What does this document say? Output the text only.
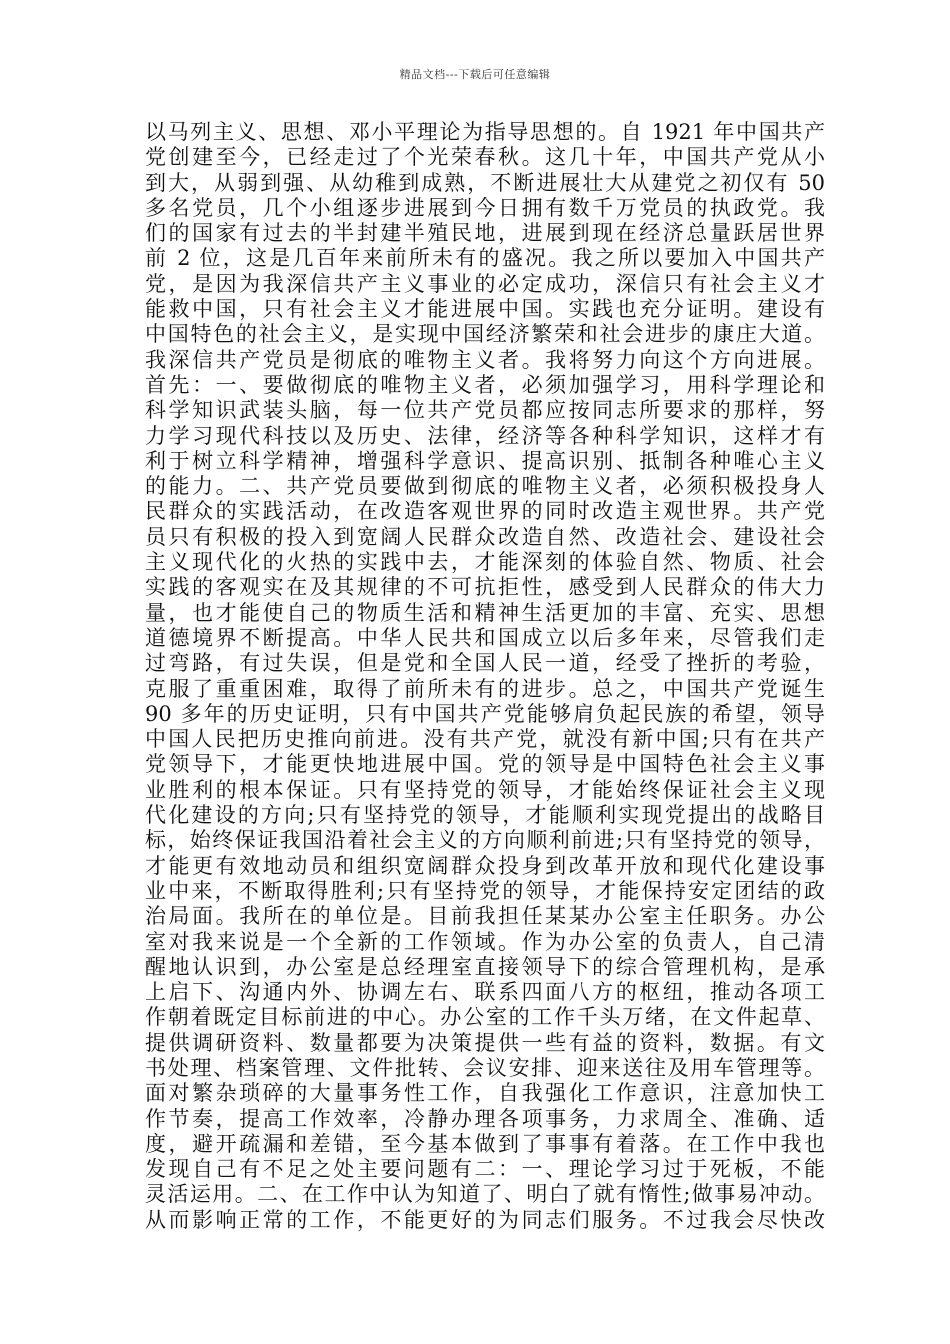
精品文档---下载后可任意编辑
以马列主义、思想、邓小平理论为指导思想的。自 1921 年中国共产
党创建至今，已经走过了个光荣春秋。这几十年，中国共产党从小
到大，从弱到强、从幼稚到成熟，不断进展壮大从建党之初仅有 50
多名党员，几个小组逐步进展到今日拥有数千万党员的执政党。我
们的国家有过去的半封建半殖民地，进展到现在经济总量跃居世界
前 2 位，这是几百年来前所未有的盛况。我之所以要加入中国共产
党，是因为我深信共产主义事业的必定成功，深信只有社会主义才
能救中国，只有社会主义才能进展中国。实践也充分证明。建设有
中国特色的社会主义，是实现中国经济繁荣和社会进步的康庄大道。
我深信共产党员是彻底的唯物主义者。我将努力向这个方向进展。
首先：一、要做彻底的唯物主义者，必须加强学习，用科学理论和
科学知识武装头脑，每一位共产党员都应按同志所要求的那样，努
力学习现代科技以及历史、法律，经济等各种科学知识，这样才有
利于树立科学精神，增强科学意识、提高识别、抵制各种唯心主义
的能力。二、共产党员要做到彻底的唯物主义者，必须积极投身人
民群众的实践活动，在改造客观世界的同时改造主观世界。共产党
员只有积极的投入到宽阔人民群众改造自然、改造社会、建设社会
主义现代化的火热的实践中去，才能深刻的体验自然、物质、社会
实践的客观实在及其规律的不可抗拒性，感受到人民群众的伟大力
量，也才能使自己的物质生活和精神生活更加的丰富、充实、思想
道德境界不断提高。中华人民共和国成立以后多年来，尽管我们走
过弯路，有过失误，但是党和全国人民一道，经受了挫折的考验，
克服了重重困难，取得了前所未有的进步。总之，中国共产党诞生
90 多年的历史证明，只有中国共产党能够肩负起民族的希望，领导
中国人民把历史推向前进。没有共产党，就没有新中国;只有在共产
党领导下，才能更快地进展中国。党的领导是中国特色社会主义事
业胜利的根本保证。只有坚持党的领导，才能始终保证社会主义现
代化建设的方向;只有坚持党的领导，才能顺利实现党提出的战略目
标，始终保证我国沿着社会主义的方向顺利前进;只有坚持党的领导，
才能更有效地动员和组织宽阔群众投身到改革开放和现代化建设事
业中来，不断取得胜利;只有坚持党的领导，才能保持安定团结的政
治局面。我所在的单位是。目前我担任某某办公室主任职务。办公
室对我来说是一个全新的工作领域。作为办公室的负责人，自己清
醒地认识到，办公室是总经理室直接领导下的综合管理机构，是承
上启下、沟通内外、协调左右、联系四面八方的枢纽，推动各项工
作朝着既定目标前进的中心。办公室的工作千头万绪，在文件起草、
提供调研资料、数量都要为决策提供一些有益的资料，数据。有文
书处理、档案管理、文件批转、会议安排、迎来送往及用车管理等。
面对繁杂琐碎的大量事务性工作，自我强化工作意识，注意加快工
作节奏，提高工作效率，冷静办理各项事务，力求周全、准确、适
度，避开疏漏和差错，至今基本做到了事事有着落。在工作中我也
发现自己有不足之处主要问题有二：一、理论学习过于死板，不能
灵活运用。二、在工作中认为知道了、明白了就有惰性;做事易冲动。
从而影响正常的工作，不能更好的为同志们服务。不过我会尽快改
